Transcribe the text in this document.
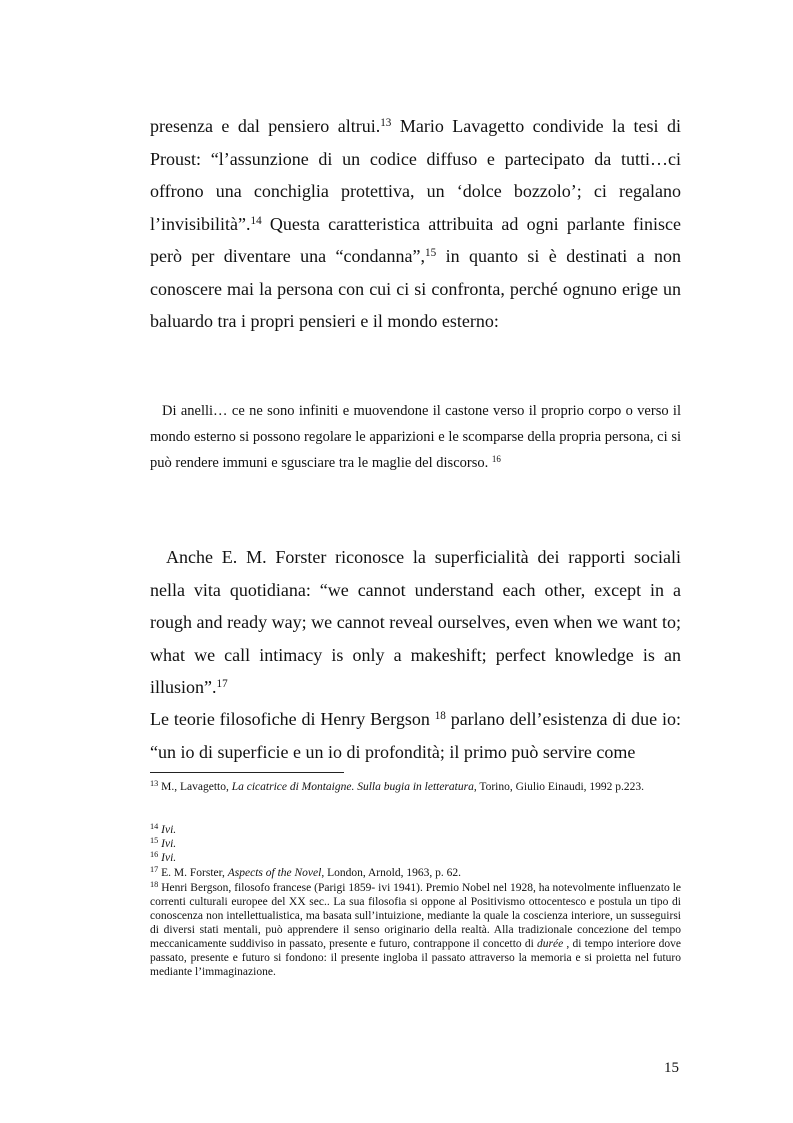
presenza e dal pensiero altrui.$^{13}$ Mario Lavagetto condivide la tesi di Proust: “l’assunzione di un codice diffuso e partecipato da tutti…ci offrono una conchiglia protettiva, un ‘dolce bozzolo’; ci regalano l’invisibilità”.$^{14}$ Questa caratteristica attribuita ad ogni parlante finisce però per diventare una “condanna”,$^{15}$ in quanto si è destinati a non conoscere mai la persona con cui ci si confronta, perché ognuno erige un baluardo tra i propri pensieri e il mondo esterno:

Di anelli… ce ne sono infiniti e muovendone il castone verso il proprio corpo o verso il mondo esterno si possono regolare le apparizioni e le scomparse della propria persona, ci si può rendere immuni e sgusciare tra le maglie del discorso. $^{16}$

Anche E. M. Forster riconosce la superficialità dei rapporti sociali nella vita quotidiana: “we cannot understand each other, except in a rough and ready way; we cannot reveal ourselves, even when we want to; what we call intimacy is only a makeshift; perfect knowledge is an illusion”.$^{17}$

Le teorie filosofiche di Henry Bergson $^{18}$ parlano dell’esistenza di due io: “un io di superficie e un io di profondità; il primo può servire come

$^{13}$ M., Lavagetto, La cicatrice di Montaigne. Sulla bugia in letteratura, Torino, Giulio Einaudi, 1992 p.223.

$^{14}$ Ivi.

$^{15}$ Ivi.

$^{16}$ Ivi.

$^{17}$ E. M. Forster, Aspects of the Novel, London, Arnold, 1963, p. 62.

$^{18}$ Henri Bergson, filosofo francese (Parigi 1859- ivi 1941). Premio Nobel nel 1928, ha notevolmente influenzato le correnti culturali europee del XX sec.. La sua filosofia si oppone al Positivismo ottocentesco e postula un tipo di conoscenza non intellettualistica, ma basata sull’intuizione, mediante la quale la coscienza interiore, un susseguirsi di diversi stati mentali, può apprendere il senso originario della realtà. Alla tradizionale concezione del tempo meccanicamente suddiviso in passato, presente e futuro, contrappone il concetto di durée , di tempo interiore dove passato, presente e futuro si fondono: il presente ingloba il passato attraverso la memoria e si proietta nel futuro mediante l’immaginazione.

15
